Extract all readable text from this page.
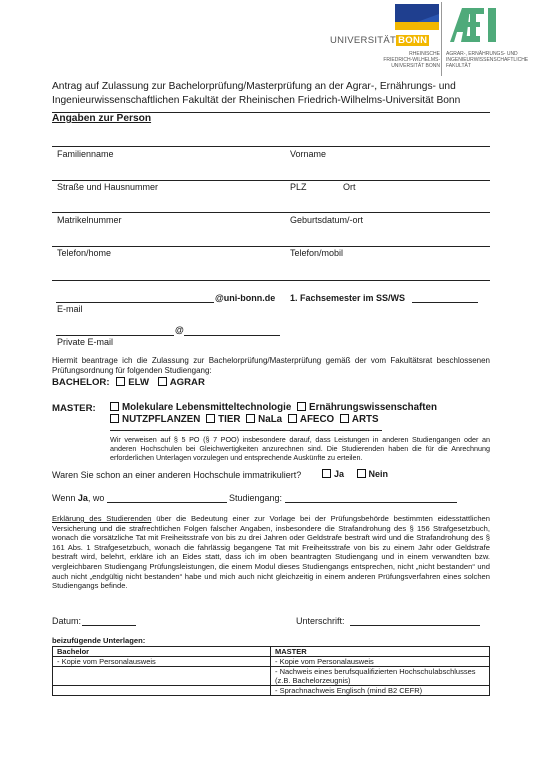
UNIVERSITÄT BONN
RHEINISCHE
FRIEDRICH-WILHELMS-
UNIVERSITÄT BONN
AGRAR-, ERNÄHRUNGS- UND
INGENIEURWISSENSCHAFTLICHE
FAKULTÄT
Antrag auf Zulassung zur Bachelorprüfung/Masterprüfung an der Agrar-, Ernährungs- und
Ingenieurwissenschaftlichen Fakultät der Rheinischen Friedrich-Wilhelms-Universität Bonn
Angaben zur Person
Familienname	Vorname
Straße und Hausnummer	PLZ	Ort
Matrikelnummer	Geburtsdatum/-ort
Telefon/home	Telefon/mobil
@uni-bonn.de 1. Fachsemester im SS/WS
E-mail
@
Private E-mail
Hiermit beantrage ich die Zulassung zur Bachelorprüfung/Masterprüfung gemäß der vom Fakultätsrat beschlossenen Prüfungsordnung für folgenden Studiengang:
BACHELOR: ELW AGRAR
MASTER:	Molekulare Lebensmitteltechnologie Ernährungswissenschaften
NUTZPFLANZEN TIER NaLa AFECO ARTS
Wir verweisen auf § 5 PO (§ 7 POO) insbesondere darauf, dass Leistungen in anderen Studiengangen oder an anderen Hochschulen bei Gleichwertigkeiten anzurechnen sind. Die Studierenden haben die für die Anrechnung erforderlichen Unterlagen vorzulegen und entsprechende Auskünfte zu erteilen.
Waren Sie schon an einer anderen Hochschule immatrikuliert?	Ja	Nein
Wenn Ja, wo	Studiengang:
Erklärung des Studierenden über die Bedeutung einer zur Vorlage bei der Prüfungsbehörde bestimmten eidesstattlichen Versicherung und die strafrechtlichen Folgen falscher Angaben, insbesondere die Strafandrohung des § 156 Strafgesetzbuch, wonach die vorsätzliche Tat mit Freiheitsstrafe von bis zu drei Jahren oder Geldstrafe bestraft wird und die Strafandrohung des § 161 Abs. 1 Strafgesetzbuch, wonach die fahrlässig begangene Tat mit Freiheitsstrafe von bis zu einem Jahr oder Geldstrafe bestraft wird, belehrt, erkläre ich an Eides statt, dass ich im oben beantragten Studiengang und in einem verwandten bzw. vergleichbaren Studiengang Prüfungsleistungen, die einem Modul dieses Studiengangs entsprechen, nicht „nicht bestanden“ und auch nicht „endgültig nicht bestanden“ habe und mich auch nicht gleichzeitig in einem anderen Prüfungsverfahren eines solchen Studiengangs befinde.
Datum:	Unterschrift:
beizufügende Unterlagen:
Bachelor	MASTER
- Kopie vom Personalausweis	- Kopie vom Personalausweis
	- Nachweis eines berufsqualifizierten Hochschulabschlusses (z.B. Bachelorzeugnis)
	- Sprachnachweis Englisch (mind B2 CEFR)
